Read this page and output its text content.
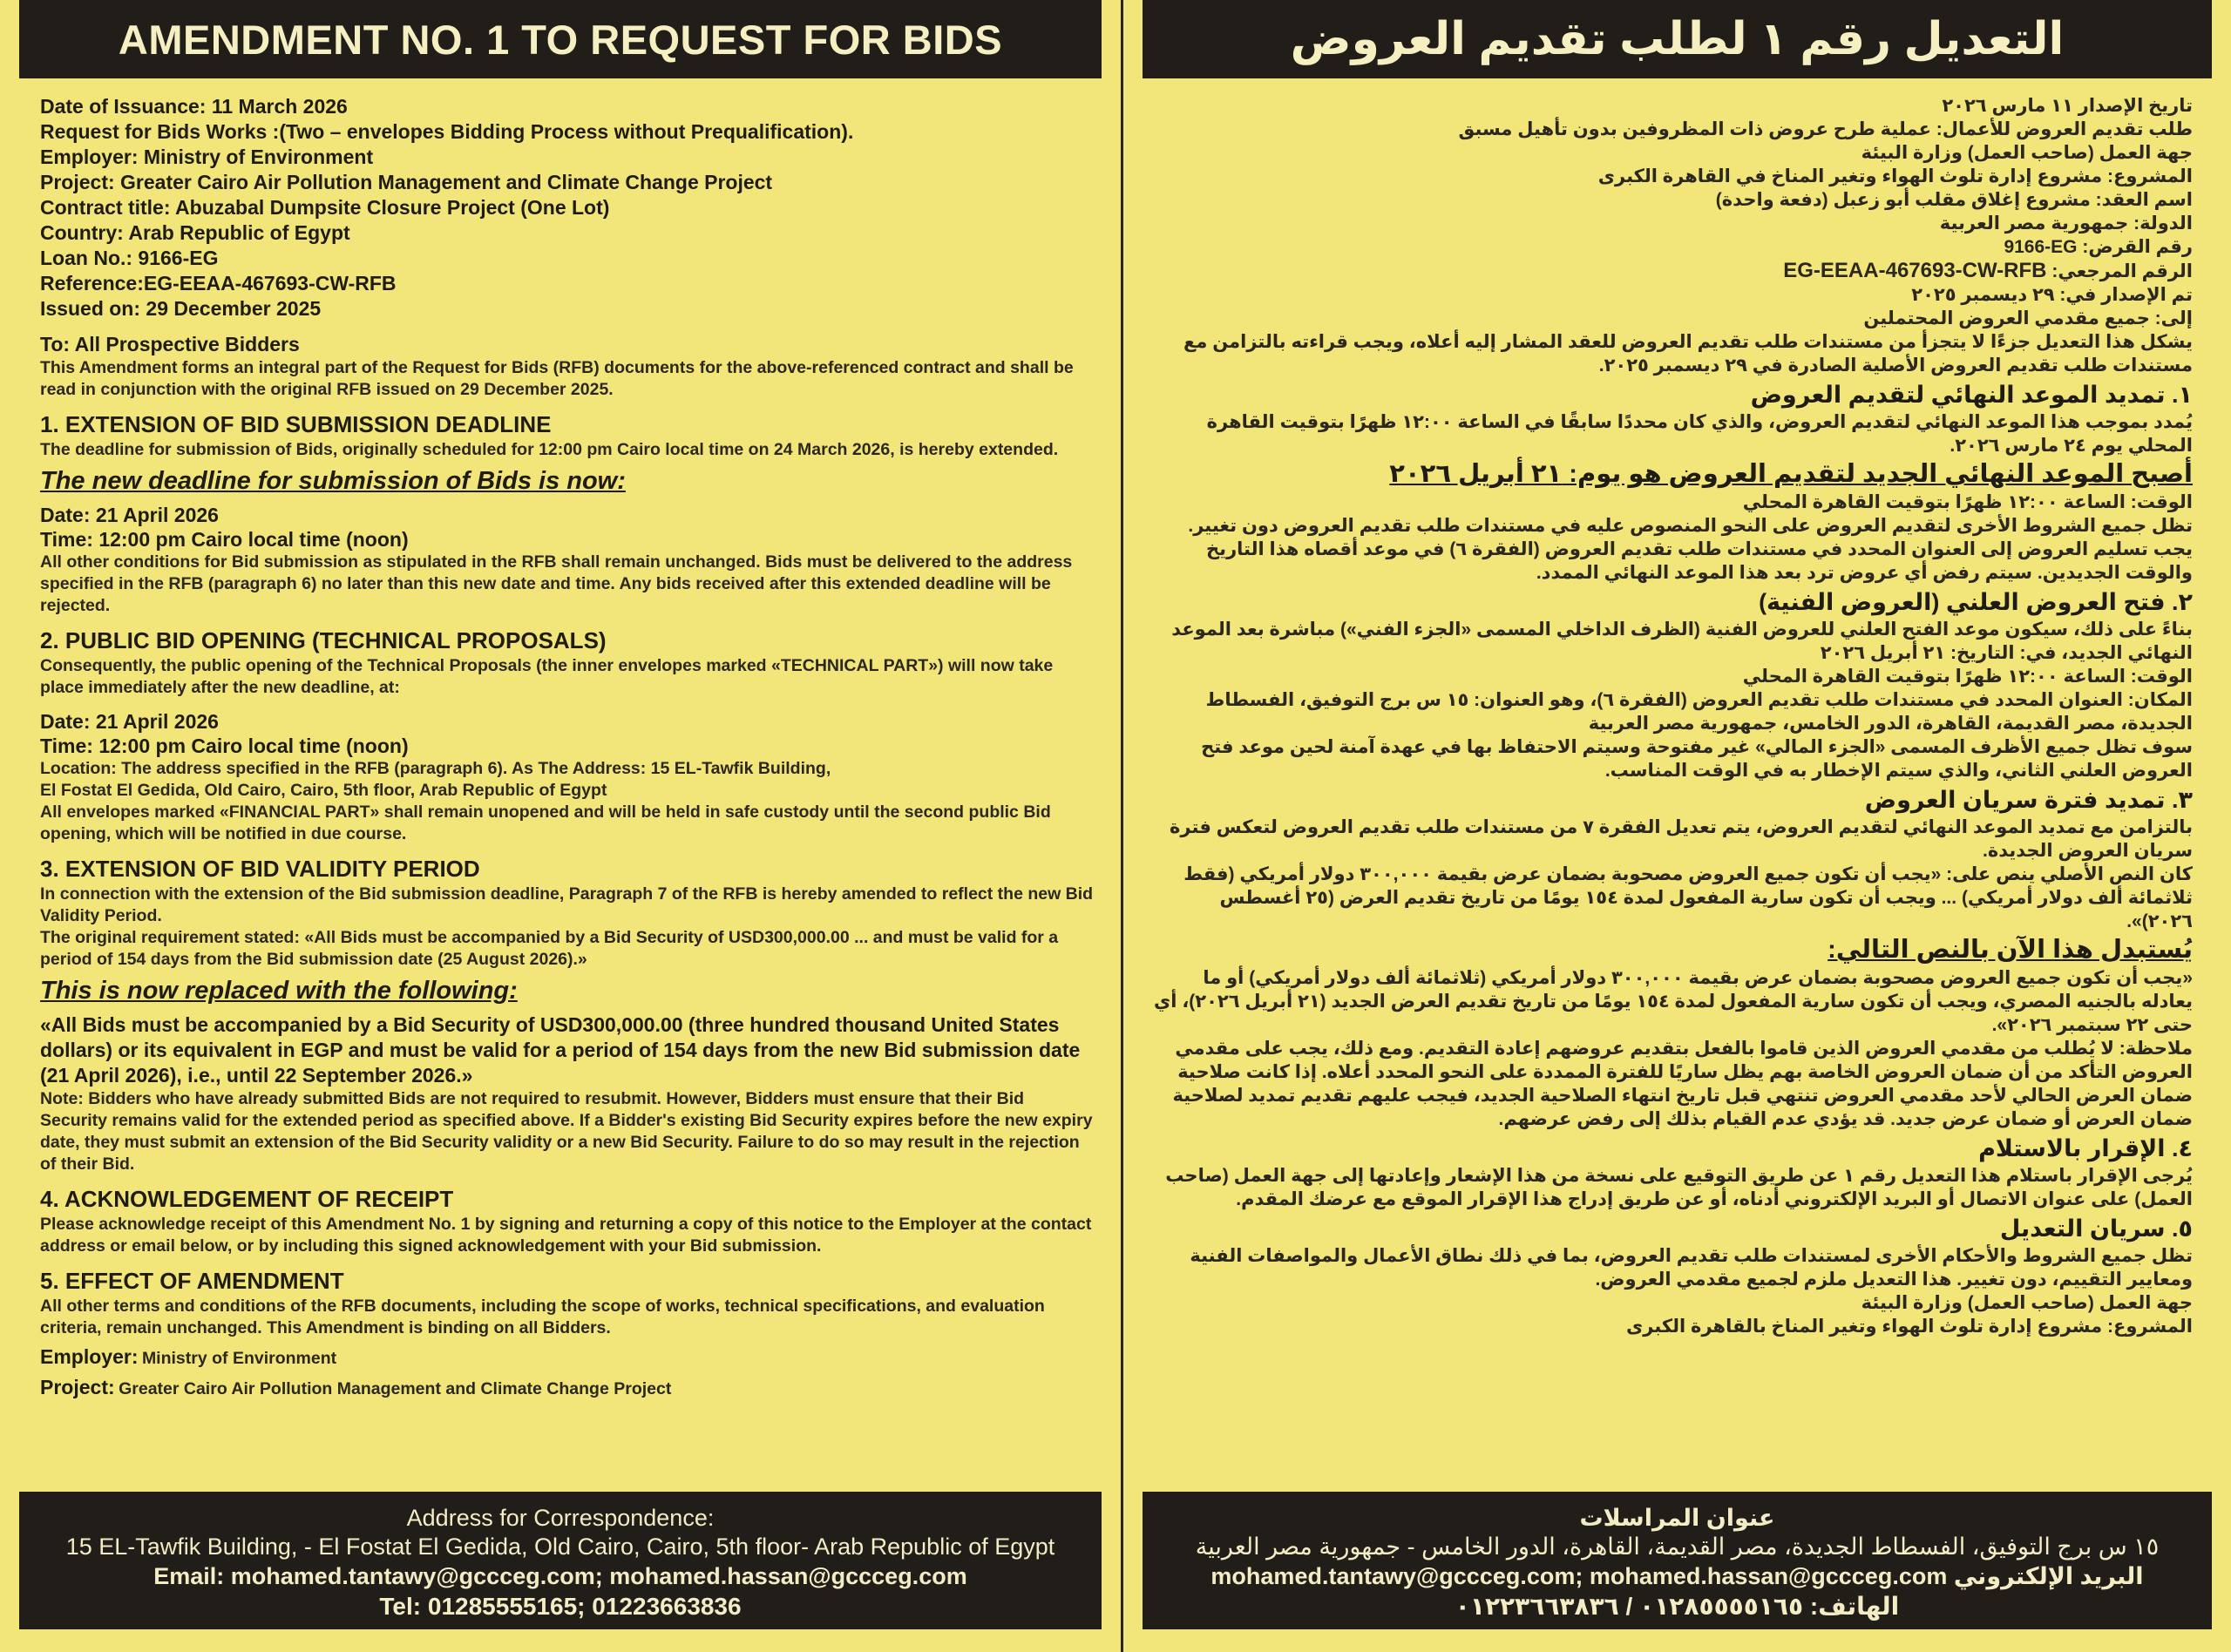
AMENDMENT NO. 1 TO REQUEST FOR BIDS
Date of Issuance: 11 March 2026
Request for Bids Works :(Two – envelopes Bidding Process without Prequalification).
Employer: Ministry of Environment
Project: Greater Cairo Air Pollution Management and Climate Change Project
Contract title: Abuzabal Dumpsite Closure Project (One Lot)
Country: Arab Republic of Egypt
Loan No.: 9166-EG
Reference:EG-EEAA-467693-CW-RFB
Issued on: 29 December 2025
To: All Prospective Bidders
This Amendment forms an integral part of the Request for Bids (RFB) documents for the above-referenced contract and shall be read in conjunction with the original RFB issued on 29 December 2025.
1. EXTENSION OF BID SUBMISSION DEADLINE
The deadline for submission of Bids, originally scheduled for 12:00 pm Cairo local time on 24 March 2026, is hereby extended.
The new deadline for submission of Bids is now:
Date: 21 April 2026
Time: 12:00 pm Cairo local time (noon)
All other conditions for Bid submission as stipulated in the RFB shall remain unchanged. Bids must be delivered to the address specified in the RFB (paragraph 6) no later than this new date and time. Any bids received after this extended deadline will be rejected.
2. PUBLIC BID OPENING (TECHNICAL PROPOSALS)
Consequently, the public opening of the Technical Proposals (the inner envelopes marked «TECHNICAL PART») will now take place immediately after the new deadline, at:
Date: 21 April 2026
Time: 12:00 pm Cairo local time (noon)
Location: The address specified in the RFB (paragraph 6). As The Address: 15 EL-Tawfik Building,
El Fostat El Gedida, Old Cairo, Cairo, 5th floor, Arab Republic of Egypt
All envelopes marked «FINANCIAL PART» shall remain unopened and will be held in safe custody until the second public Bid opening, which will be notified in due course.
3. EXTENSION OF BID VALIDITY PERIOD
In connection with the extension of the Bid submission deadline, Paragraph 7 of the RFB is hereby amended to reflect the new Bid Validity Period.
The original requirement stated: «All Bids must be accompanied by a Bid Security of USD300,000.00 ... and must be valid for a period of 154 days from the Bid submission date (25 August 2026).»
This is now replaced with the following:
«All Bids must be accompanied by a Bid Security of USD300,000.00 (three hundred thousand United States dollars) or its equivalent in EGP and must be valid for a period of 154 days from the new Bid submission date (21 April 2026), i.e., until 22 September 2026.»
Note: Bidders who have already submitted Bids are not required to resubmit. However, Bidders must ensure that their Bid Security remains valid for the extended period as specified above. If a Bidder's existing Bid Security expires before the new expiry date, they must submit an extension of the Bid Security validity or a new Bid Security. Failure to do so may result in the rejection of their Bid.
4. ACKNOWLEDGEMENT OF RECEIPT
Please acknowledge receipt of this Amendment No. 1 by signing and returning a copy of this notice to the Employer at the contact address or email below, or by including this signed acknowledgement with your Bid submission.
5. EFFECT OF AMENDMENT
All other terms and conditions of the RFB documents, including the scope of works, technical specifications, and evaluation criteria, remain unchanged. This Amendment is binding on all Bidders.
Employer: Ministry of Environment
Project: Greater Cairo Air Pollution Management and Climate Change Project
Address for Correspondence:
15 EL-Tawfik Building, - El Fostat El Gedida, Old Cairo, Cairo, 5th floor- Arab Republic of Egypt
Email: mohamed.tantawy@gccceg.com; mohamed.hassan@gccceg.com
Tel: 01285555165; 01223663836
التعديل رقم ١ لطلب تقديم العروض
تاريخ الإصدار ١١ مارس ٢٠٢٦
طلب تقديم العروض للأعمال: عملية طرح عروض ذات المظروفين بدون تأهيل مسبق
جهة العمل (صاحب العمل) وزارة البيئة
المشروع: مشروع إدارة تلوث الهواء وتغير المناخ في القاهرة الكبرى
اسم العقد: مشروع إغلاق مقلب أبو زعبل (دفعة واحدة)
الدولة: جمهورية مصر العربية
رقم القرض: 9166-EG
الرقم المرجعي: EG-EEAA-467693-CW-RFB
تم الإصدار في: ٢٩ ديسمبر ٢٠٢٥
إلى: جميع مقدمي العروض المحتملين
يشكل هذا التعديل جزءًا لا يتجزأ من مستندات طلب تقديم العروض للعقد المشار إليه أعلاه، ويجب قراءته بالتزامن مع مستندات طلب تقديم العروض الأصلية الصادرة في ٢٩ ديسمبر ٢٠٢٥.
١. تمديد الموعد النهائي لتقديم العروض
يُمدد بموجب هذا الموعد النهائي لتقديم العروض، والذي كان محددًا سابقًا في الساعة ١٢:٠٠ ظهرًا بتوقيت القاهرة المحلي يوم ٢٤ مارس ٢٠٢٦.
أصبح الموعد النهائي الجديد لتقديم العروض هو يوم: ٢١ أبريل ٢٠٢٦
الوقت: الساعة ١٢:٠٠ ظهرًا بتوقيت القاهرة المحلي
تظل جميع الشروط الأخرى لتقديم العروض على النحو المنصوص عليه في مستندات طلب تقديم العروض دون تغيير. يجب تسليم العروض إلى العنوان المحدد في مستندات طلب تقديم العروض (الفقرة ٦) في موعد أقصاه هذا التاريخ والوقت الجديدين. سيتم رفض أي عروض ترد بعد هذا الموعد النهائي الممدد.
٢. فتح العروض العلني (العروض الفنية)
بناءً على ذلك، سيكون موعد الفتح العلني للعروض الفنية (الظرف الداخلي المسمى «الجزء الفني») مباشرة بعد الموعد النهائي الجديد، في: التاريخ: ٢١ أبريل ٢٠٢٦
الوقت: الساعة ١٢:٠٠ ظهرًا بتوقيت القاهرة المحلي
المكان: العنوان المحدد في مستندات طلب تقديم العروض (الفقرة ٦)، وهو العنوان: ١٥ س برج التوفيق، الفسطاط الجديدة، مصر القديمة، القاهرة، الدور الخامس، جمهورية مصر العربية
سوف تظل جميع الأظرف المسمى «الجزء المالي» غير مفتوحة وسيتم الاحتفاظ بها في عهدة آمنة لحين موعد فتح العروض العلني الثاني، والذي سيتم الإخطار به في الوقت المناسب.
٣. تمديد فترة سريان العروض
بالتزامن مع تمديد الموعد النهائي لتقديم العروض، يتم تعديل الفقرة ٧ من مستندات طلب تقديم العروض لتعكس فترة سريان العروض الجديدة.
كان النص الأصلي ينص على: «يجب أن تكون جميع العروض مصحوبة بضمان عرض بقيمة ٣٠٠,٠٠٠ دولار أمريكي (فقط ثلاثمائة ألف دولار أمريكي) ... ويجب أن تكون سارية المفعول لمدة ١٥٤ يومًا من تاريخ تقديم العرض (٢٥ أغسطس ٢٠٢٦)».
يُستبدل هذا الآن بالنص التالي:
«يجب أن تكون جميع العروض مصحوبة بضمان عرض بقيمة ٣٠٠,٠٠٠ دولار أمريكي (ثلاثمائة ألف دولار أمريكي) أو ما يعادله بالجنيه المصري، ويجب أن تكون سارية المفعول لمدة ١٥٤ يومًا من تاريخ تقديم العرض الجديد (٢١ أبريل ٢٠٢٦)، أي حتى ٢٢ سبتمبر ٢٠٢٦».
ملاحظة: لا يُطلب من مقدمي العروض الذين قاموا بالفعل بتقديم عروضهم إعادة التقديم. ومع ذلك، يجب على مقدمي العروض التأكد من أن ضمان العروض الخاصة بهم يظل ساريًا للفترة الممددة على النحو المحدد أعلاه. إذا كانت صلاحية ضمان العرض الحالي لأحد مقدمي العروض تنتهي قبل تاريخ انتهاء الصلاحية الجديد، فيجب عليهم تقديم تمديد لصلاحية ضمان العرض أو ضمان عرض جديد. قد يؤدي عدم القيام بذلك إلى رفض عرضهم.
٤. الإقرار بالاستلام
يُرجى الإقرار باستلام هذا التعديل رقم ١ عن طريق التوقيع على نسخة من هذا الإشعار وإعادتها إلى جهة العمل (صاحب العمل) على عنوان الاتصال أو البريد الإلكتروني أدناه، أو عن طريق إدراج هذا الإقرار الموقع مع عرضك المقدم.
٥. سريان التعديل
تظل جميع الشروط والأحكام الأخرى لمستندات طلب تقديم العروض، بما في ذلك نطاق الأعمال والمواصفات الفنية ومعايير التقييم، دون تغيير. هذا التعديل ملزم لجميع مقدمي العروض.
جهة العمل (صاحب العمل) وزارة البيئة
المشروع: مشروع إدارة تلوث الهواء وتغير المناخ بالقاهرة الكبرى
عنوان المراسلات
١٥ س برج التوفيق، الفسطاط الجديدة، مصر القديمة، القاهرة، الدور الخامس - جمهورية مصر العربية
البريد الإلكتروني mohamed.tantawy@gccceg.com; mohamed.hassan@gccceg.com
الهاتف: ٠١٢٨٥٥٥٥١٦٥ / ٠١٢٢٣٦٦٣٨٣٦
